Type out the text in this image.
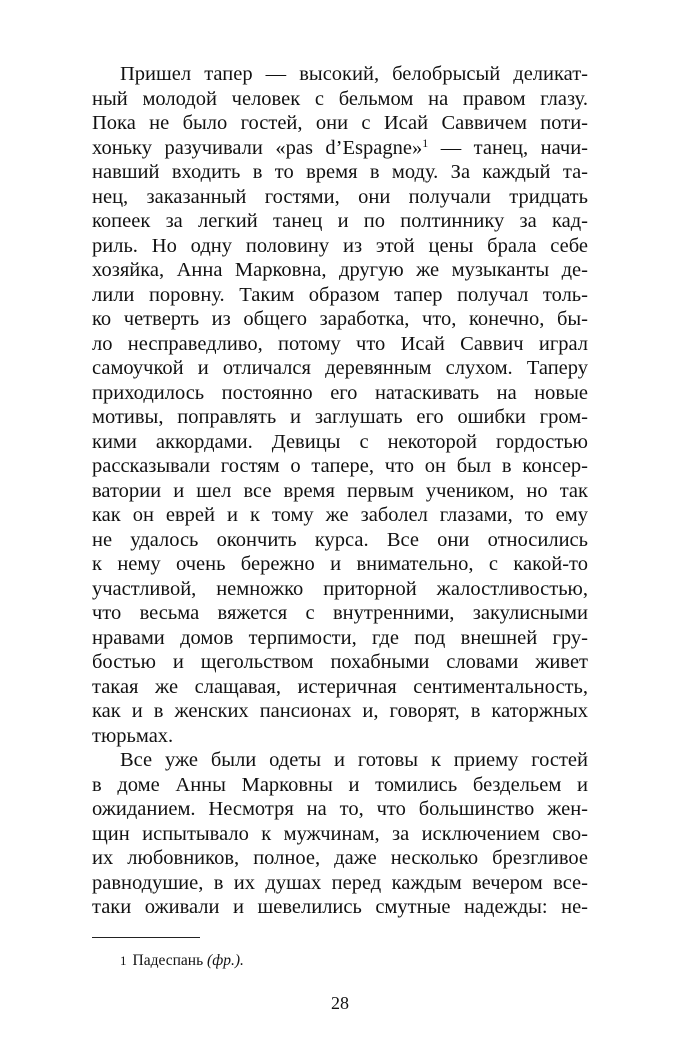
Пришел тапер — высокий, белобрысый деликат-
ный молодой человек с бельмом на правом глазу.
Пока не было гостей, они с Исай Саввичем поти-
хоньку разучивали «pas d’Espagne»$^1$ — танец, начи-
навший входить в то время в моду. За каждый та-
нец, заказанный гостями, они получали тридцать
копеек за легкий танец и по полтиннику за кад-
риль. Но одну половину из этой цены брала себе
хозяйка, Анна Марковна, другую же музыканты де-
лили поровну. Таким образом тапер получал толь-
ко четверть из общего заработка, что, конечно, бы-
ло несправедливо, потому что Исай Саввич играл
самоучкой и отличался деревянным слухом. Таперу
приходилось постоянно его натаскивать на новые
мотивы, поправлять и заглушать его ошибки гром-
кими аккордами. Девицы с некоторой гордостью
рассказывали гостям о тапере, что он был в консер-
ватории и шел все время первым учеником, но так
как он еврей и к тому же заболел глазами, то ему
не удалось окончить курса. Все они относились
к нему очень бережно и внимательно, с какой-то
участливой, немножко приторной жалостливостью,
что весьма вяжется с внутренними, закулисными
нравами домов терпимости, где под внешней гру-
бостью и щегольством похабными словами живет
такая же слащавая, истеричная сентиментальность,
как и в женских пансионах и, говорят, в каторжных
тюрьмах.

Все уже были одеты и готовы к приему гостей
в доме Анны Марковны и томились бездельем и
ожиданием. Несмотря на то, что большинство жен-
щин испытывало к мужчинам, за исключением сво-
их любовников, полное, даже несколько брезгливое
равнодушие, в их душах перед каждым вечером все-
таки оживали и шевелились смутные надежды: не-

1 Падеспань (фр.).
28
